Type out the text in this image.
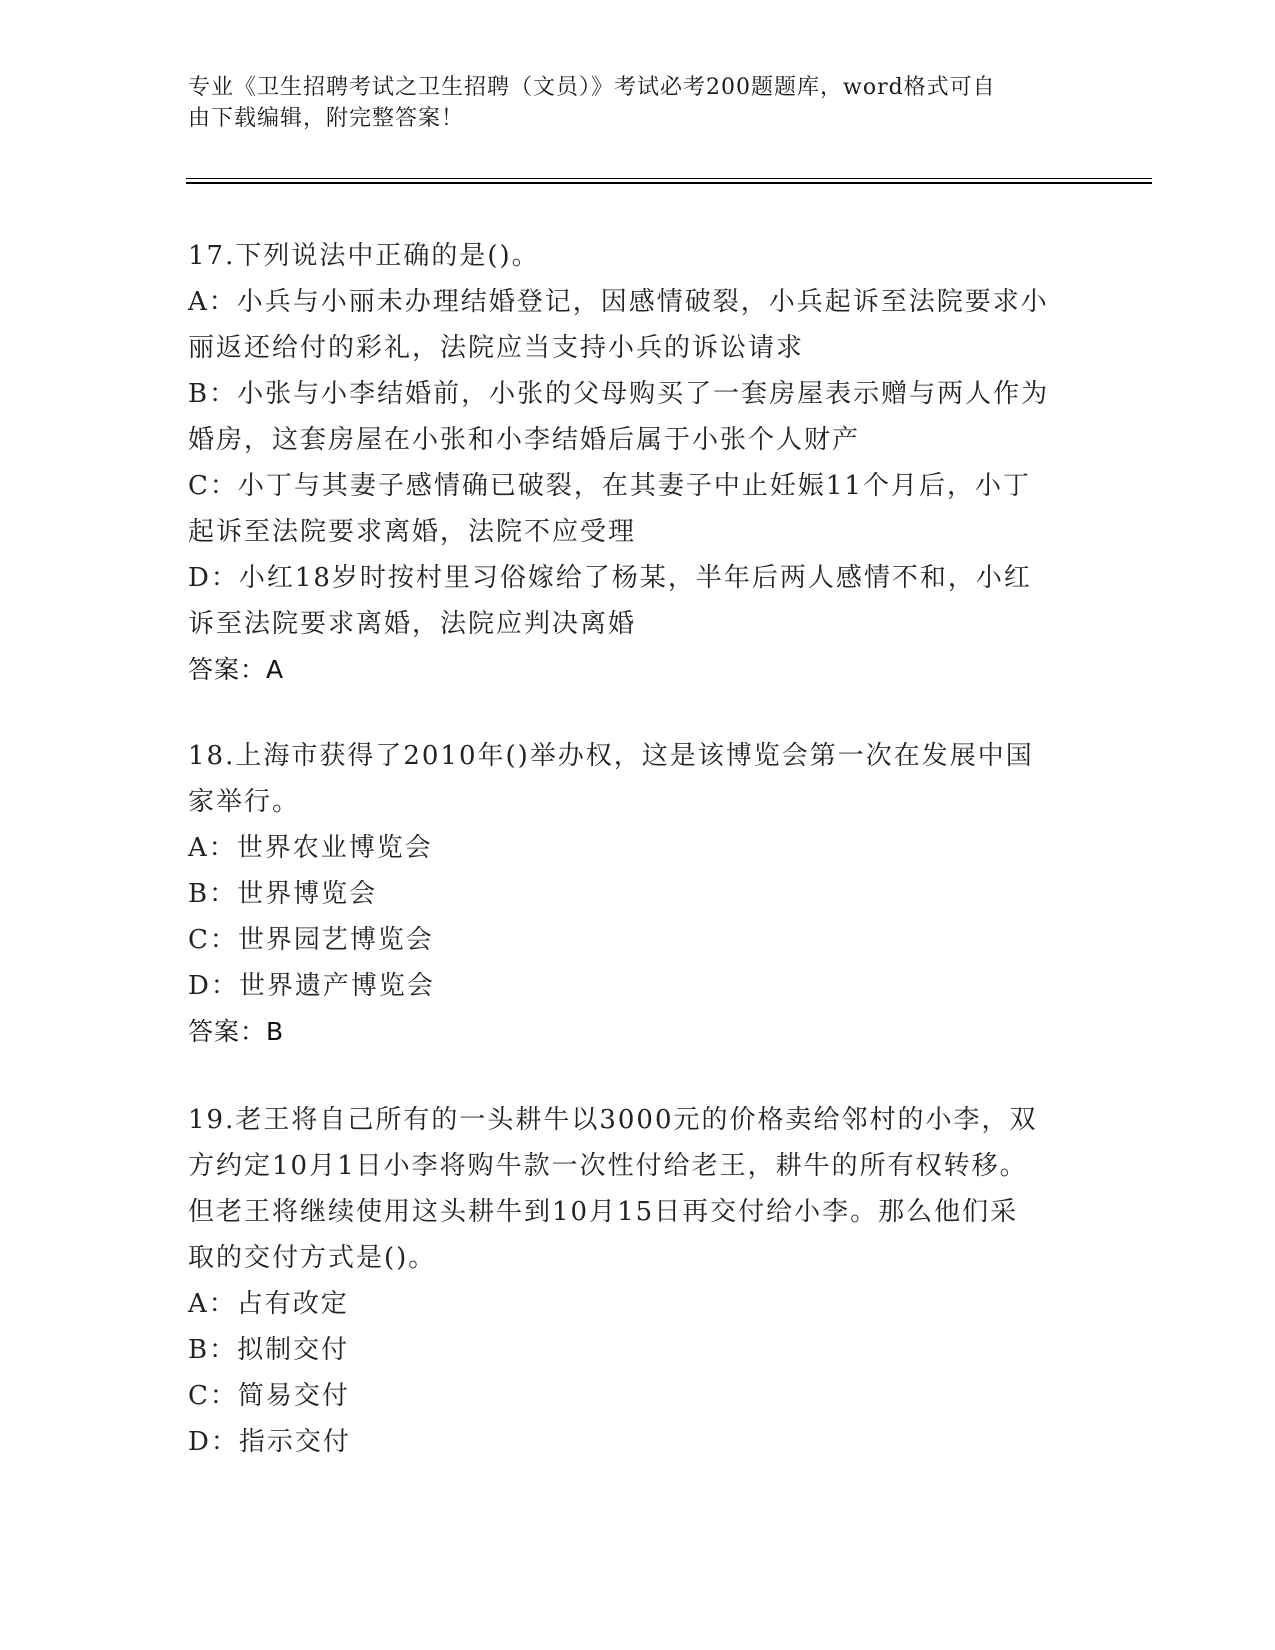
专业《卫生招聘考试之卫生招聘（文员）》考试必考200题题库，word格式可自
由下载编辑，附完整答案！
17.下列说法中正确的是()。
A：小兵与小丽未办理结婚登记，因感情破裂，小兵起诉至法院要求小
丽返还给付的彩礼，法院应当支持小兵的诉讼请求
B：小张与小李结婚前，小张的父母购买了一套房屋表示赠与两人作为
婚房，这套房屋在小张和小李结婚后属于小张个人财产
C：小丁与其妻子感情确已破裂，在其妻子中止妊娠11个月后，小丁
起诉至法院要求离婚，法院不应受理
D：小红18岁时按村里习俗嫁给了杨某，半年后两人感情不和，小红
诉至法院要求离婚，法院应判决离婚
答案：A
18.上海市获得了2010年()举办权，这是该博览会第一次在发展中国
家举行。
A：世界农业博览会
B：世界博览会
C：世界园艺博览会
D：世界遗产博览会
答案：B
19.老王将自己所有的一头耕牛以3000元的价格卖给邻村的小李，双
方约定10月1日小李将购牛款一次性付给老王，耕牛的所有权转移。
但老王将继续使用这头耕牛到10月15日再交付给小李。那么他们采
取的交付方式是()。
A：占有改定
B：拟制交付
C：简易交付
D：指示交付
